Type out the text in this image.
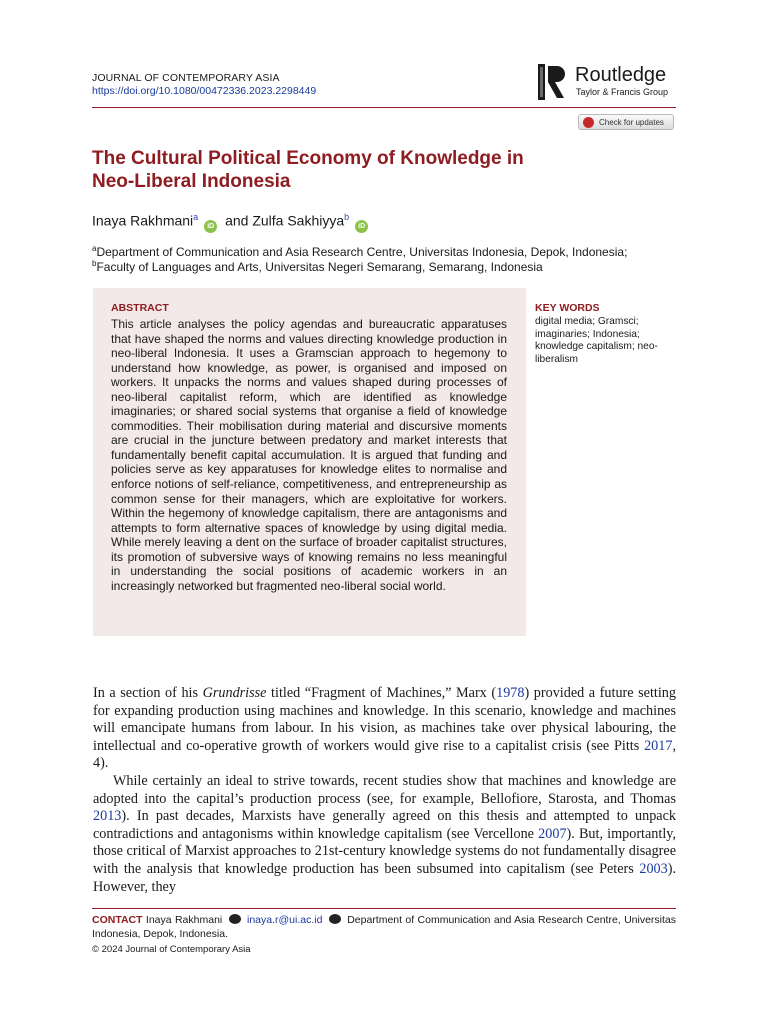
JOURNAL OF CONTEMPORARY ASIA
https://doi.org/10.1080/00472336.2023.2298449
Routledge
Taylor & Francis Group
Check for updates
The Cultural Political Economy of Knowledge in
Neo-Liberal Indonesia
Inaya Rakhmani$^a$iD and Zulfa Sakhiyya$^b$iD
$^a$Department of Communication and Asia Research Centre, Universitas Indonesia, Depok, Indonesia;
$^b$Faculty of Languages and Arts, Universitas Negeri Semarang, Semarang, Indonesia
ABSTRACT
This article analyses the policy agendas and bureaucratic apparatuses that have shaped the norms and values directing knowledge production in neo-liberal Indonesia. It uses a Gramscian approach to hegemony to understand how knowledge, as power, is organised and imposed on workers. It unpacks the norms and values shaped during processes of neo-liberal capitalist reform, which are identified as knowledge imaginaries; or shared social systems that organise a field of knowledge commodities. Their mobilisation during material and discursive moments are crucial in the juncture between predatory and market interests that fundamentally benefit capital accumulation. It is argued that funding and policies serve as key apparatuses for knowledge elites to normalise and enforce notions of self-reliance, competitiveness, and entrepreneurship as common sense for their managers, which are exploitative for workers. Within the hegemony of knowledge capitalism, there are antagonisms and attempts to form alternative spaces of knowledge by using digital media. While merely leaving a dent on the surface of broader capitalist structures, its promotion of subversive ways of knowing remains no less meaningful in understanding the social positions of academic workers in an increasingly networked but fragmented neo-liberal social world.
KEY WORDS
digital media; Gramsci; imaginaries; Indonesia; knowledge capitalism; neo-liberalism

In a section of his Grundrisse titled “Fragment of Machines,” Marx (1978) provided a future setting for expanding production using machines and knowledge. In this scenario, knowledge and machines will emancipate humans from labour. In his vision, as machines take over physical labouring, the intellectual and co-operative growth of workers would give rise to a capitalist crisis (see Pitts 2017, 4).

While certainly an ideal to strive towards, recent studies show that machines and knowledge are adopted into the capital’s production process (see, for example, Bellofiore, Starosta, and Thomas 2013). In past decades, Marxists have generally agreed on this thesis and attempted to unpack contradictions and antagonisms within knowledge capitalism (see Vercellone 2007). But, importantly, those critical of Marxist approaches to 21st-century knowledge systems do not fundamentally disagree with the analysis that knowledge production has been subsumed into capitalism (see Peters 2003). However, they

CONTACT Inaya Rakhmani inaya.r@ui.ac.id Department of Communication and Asia Research Centre, Universitas Indonesia, Depok, Indonesia.
© 2024 Journal of Contemporary Asia
